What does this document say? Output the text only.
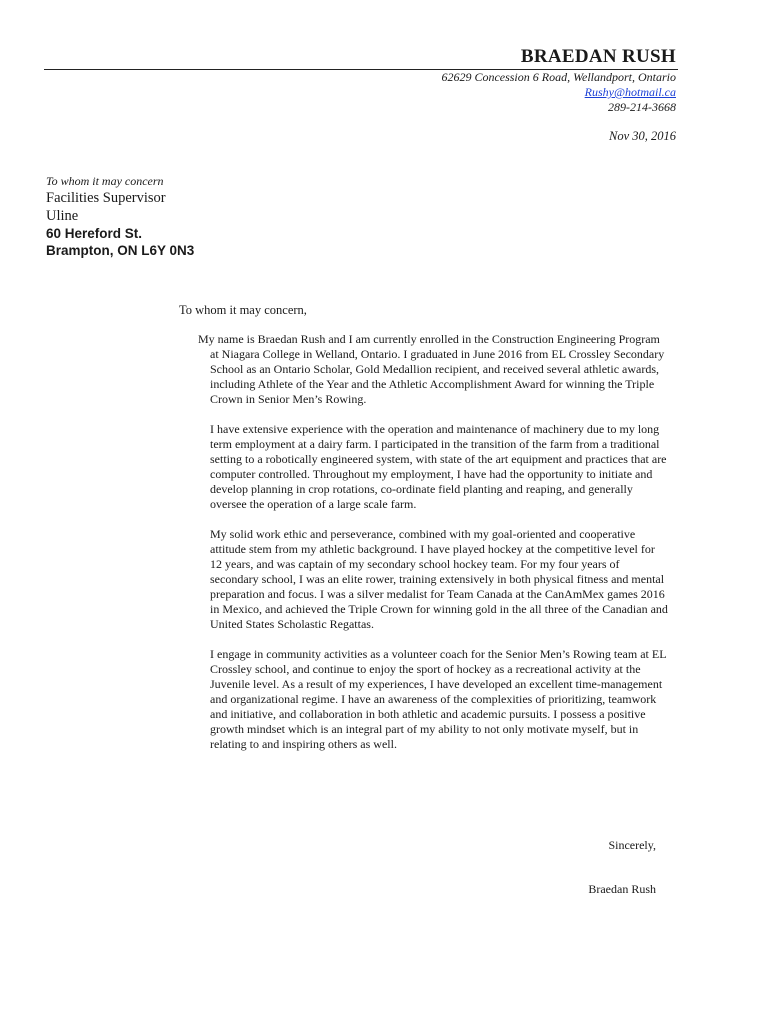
BRAEDAN RUSH
62629 Concession 6 Road, Wellandport, Ontario
Rushy@hotmail.ca
289-214-3668
Nov 30, 2016
To whom it may concern
Facilities Supervisor
Uline
60 Hereford St.
Brampton, ON L6Y 0N3
To whom it may concern,

My name is Braedan Rush and I am currently enrolled in the Construction Engineering Program at Niagara College in Welland, Ontario. I graduated in June 2016 from EL Crossley Secondary School as an Ontario Scholar, Gold Medallion recipient, and received several athletic awards, including Athlete of the Year and the Athletic Accomplishment Award for winning the Triple Crown in Senior Men’s Rowing.

I have extensive experience with the operation and maintenance of machinery due to my long term employment at a dairy farm. I participated in the transition of the farm from a traditional setting to a robotically engineered system, with state of the art equipment and practices that are computer controlled. Throughout my employment, I have had the opportunity to initiate and develop planning in crop rotations, co-ordinate field planting and reaping, and generally oversee the operation of a large scale farm.

My solid work ethic and perseverance, combined with my goal-oriented and cooperative attitude stem from my athletic background. I have played hockey at the competitive level for 12 years, and was captain of my secondary school hockey team. For my four years of secondary school, I was an elite rower, training extensively in both physical fitness and mental preparation and focus. I was a silver medalist for Team Canada at the CanAmMex games 2016 in Mexico, and achieved the Triple Crown for winning gold in the all three of the Canadian and United States Scholastic Regattas.

I engage in community activities as a volunteer coach for the Senior Men’s Rowing team at EL Crossley school, and continue to enjoy the sport of hockey as a recreational activity at the Juvenile level. As a result of my experiences, I have developed an excellent time-management and organizational regime. I have an awareness of the complexities of prioritizing, teamwork and initiative, and collaboration in both athletic and academic pursuits. I possess a positive growth mindset which is an integral part of my ability to not only motivate myself, but in relating to and inspiring others as well.

Sincerely,
Braedan Rush
